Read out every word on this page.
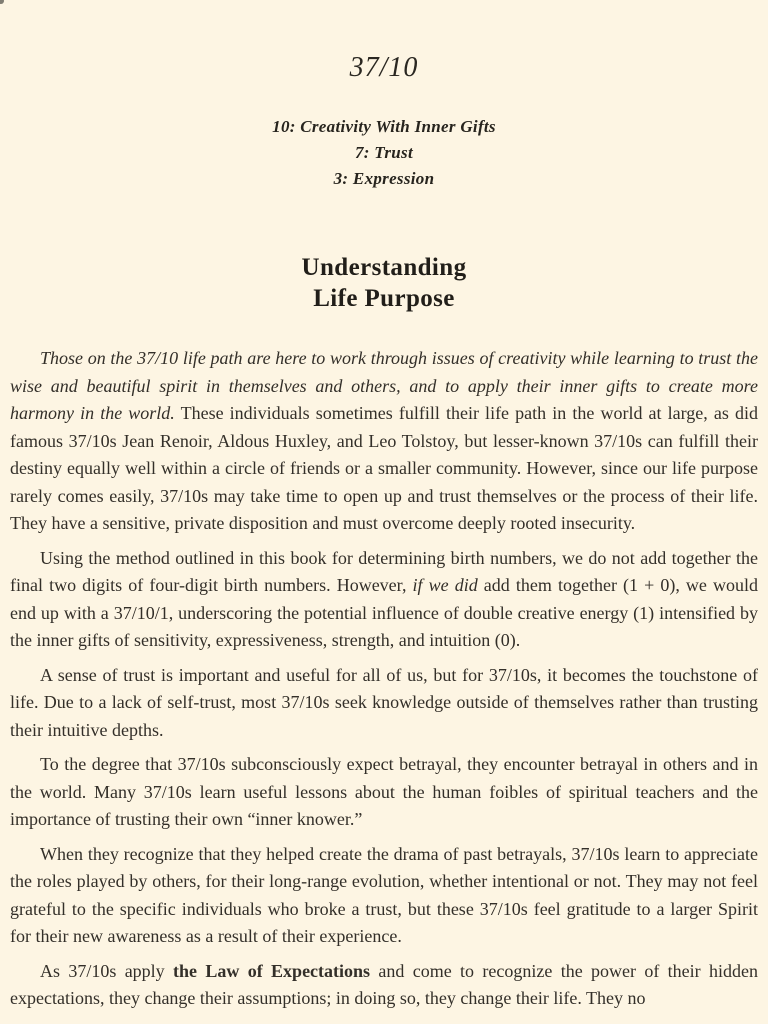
37/10
10: Creativity With Inner Gifts
7: Trust
3: Expression
Understanding
Life Purpose

Those on the 37/10 life path are here to work through issues of creativity while learning to trust the wise and beautiful spirit in themselves and others, and to apply their inner gifts to create more harmony in the world. These individuals sometimes fulfill their life path in the world at large, as did famous 37/10s Jean Renoir, Aldous Huxley, and Leo Tolstoy, but lesser-known 37/10s can fulfill their destiny equally well within a circle of friends or a smaller community. However, since our life purpose rarely comes easily, 37/10s may take time to open up and trust themselves or the process of their life. They have a sensitive, private disposition and must overcome deeply rooted insecurity.

Using the method outlined in this book for determining birth numbers, we do not add together the final two digits of four-digit birth numbers. However, if we did add them together (1 + 0), we would end up with a 37/10/1, underscoring the potential influence of double creative energy (1) intensified by the inner gifts of sensitivity, expressiveness, strength, and intuition (0).

A sense of trust is important and useful for all of us, but for 37/10s, it becomes the touchstone of life. Due to a lack of self-trust, most 37/10s seek knowledge outside of themselves rather than trusting their intuitive depths.

To the degree that 37/10s subconsciously expect betrayal, they encounter betrayal in others and in the world. Many 37/10s learn useful lessons about the human foibles of spiritual teachers and the importance of trusting their own “inner knower.”

When they recognize that they helped create the drama of past betrayals, 37/10s learn to appreciate the roles played by others, for their long-range evolution, whether intentional or not. They may not feel grateful to the specific individuals who broke a trust, but these 37/10s feel gratitude to a larger Spirit for their new awareness as a result of their experience.

As 37/10s apply the Law of Expectations and come to recognize the power of their hidden expectations, they change their assumptions; in doing so, they change their life. They no
